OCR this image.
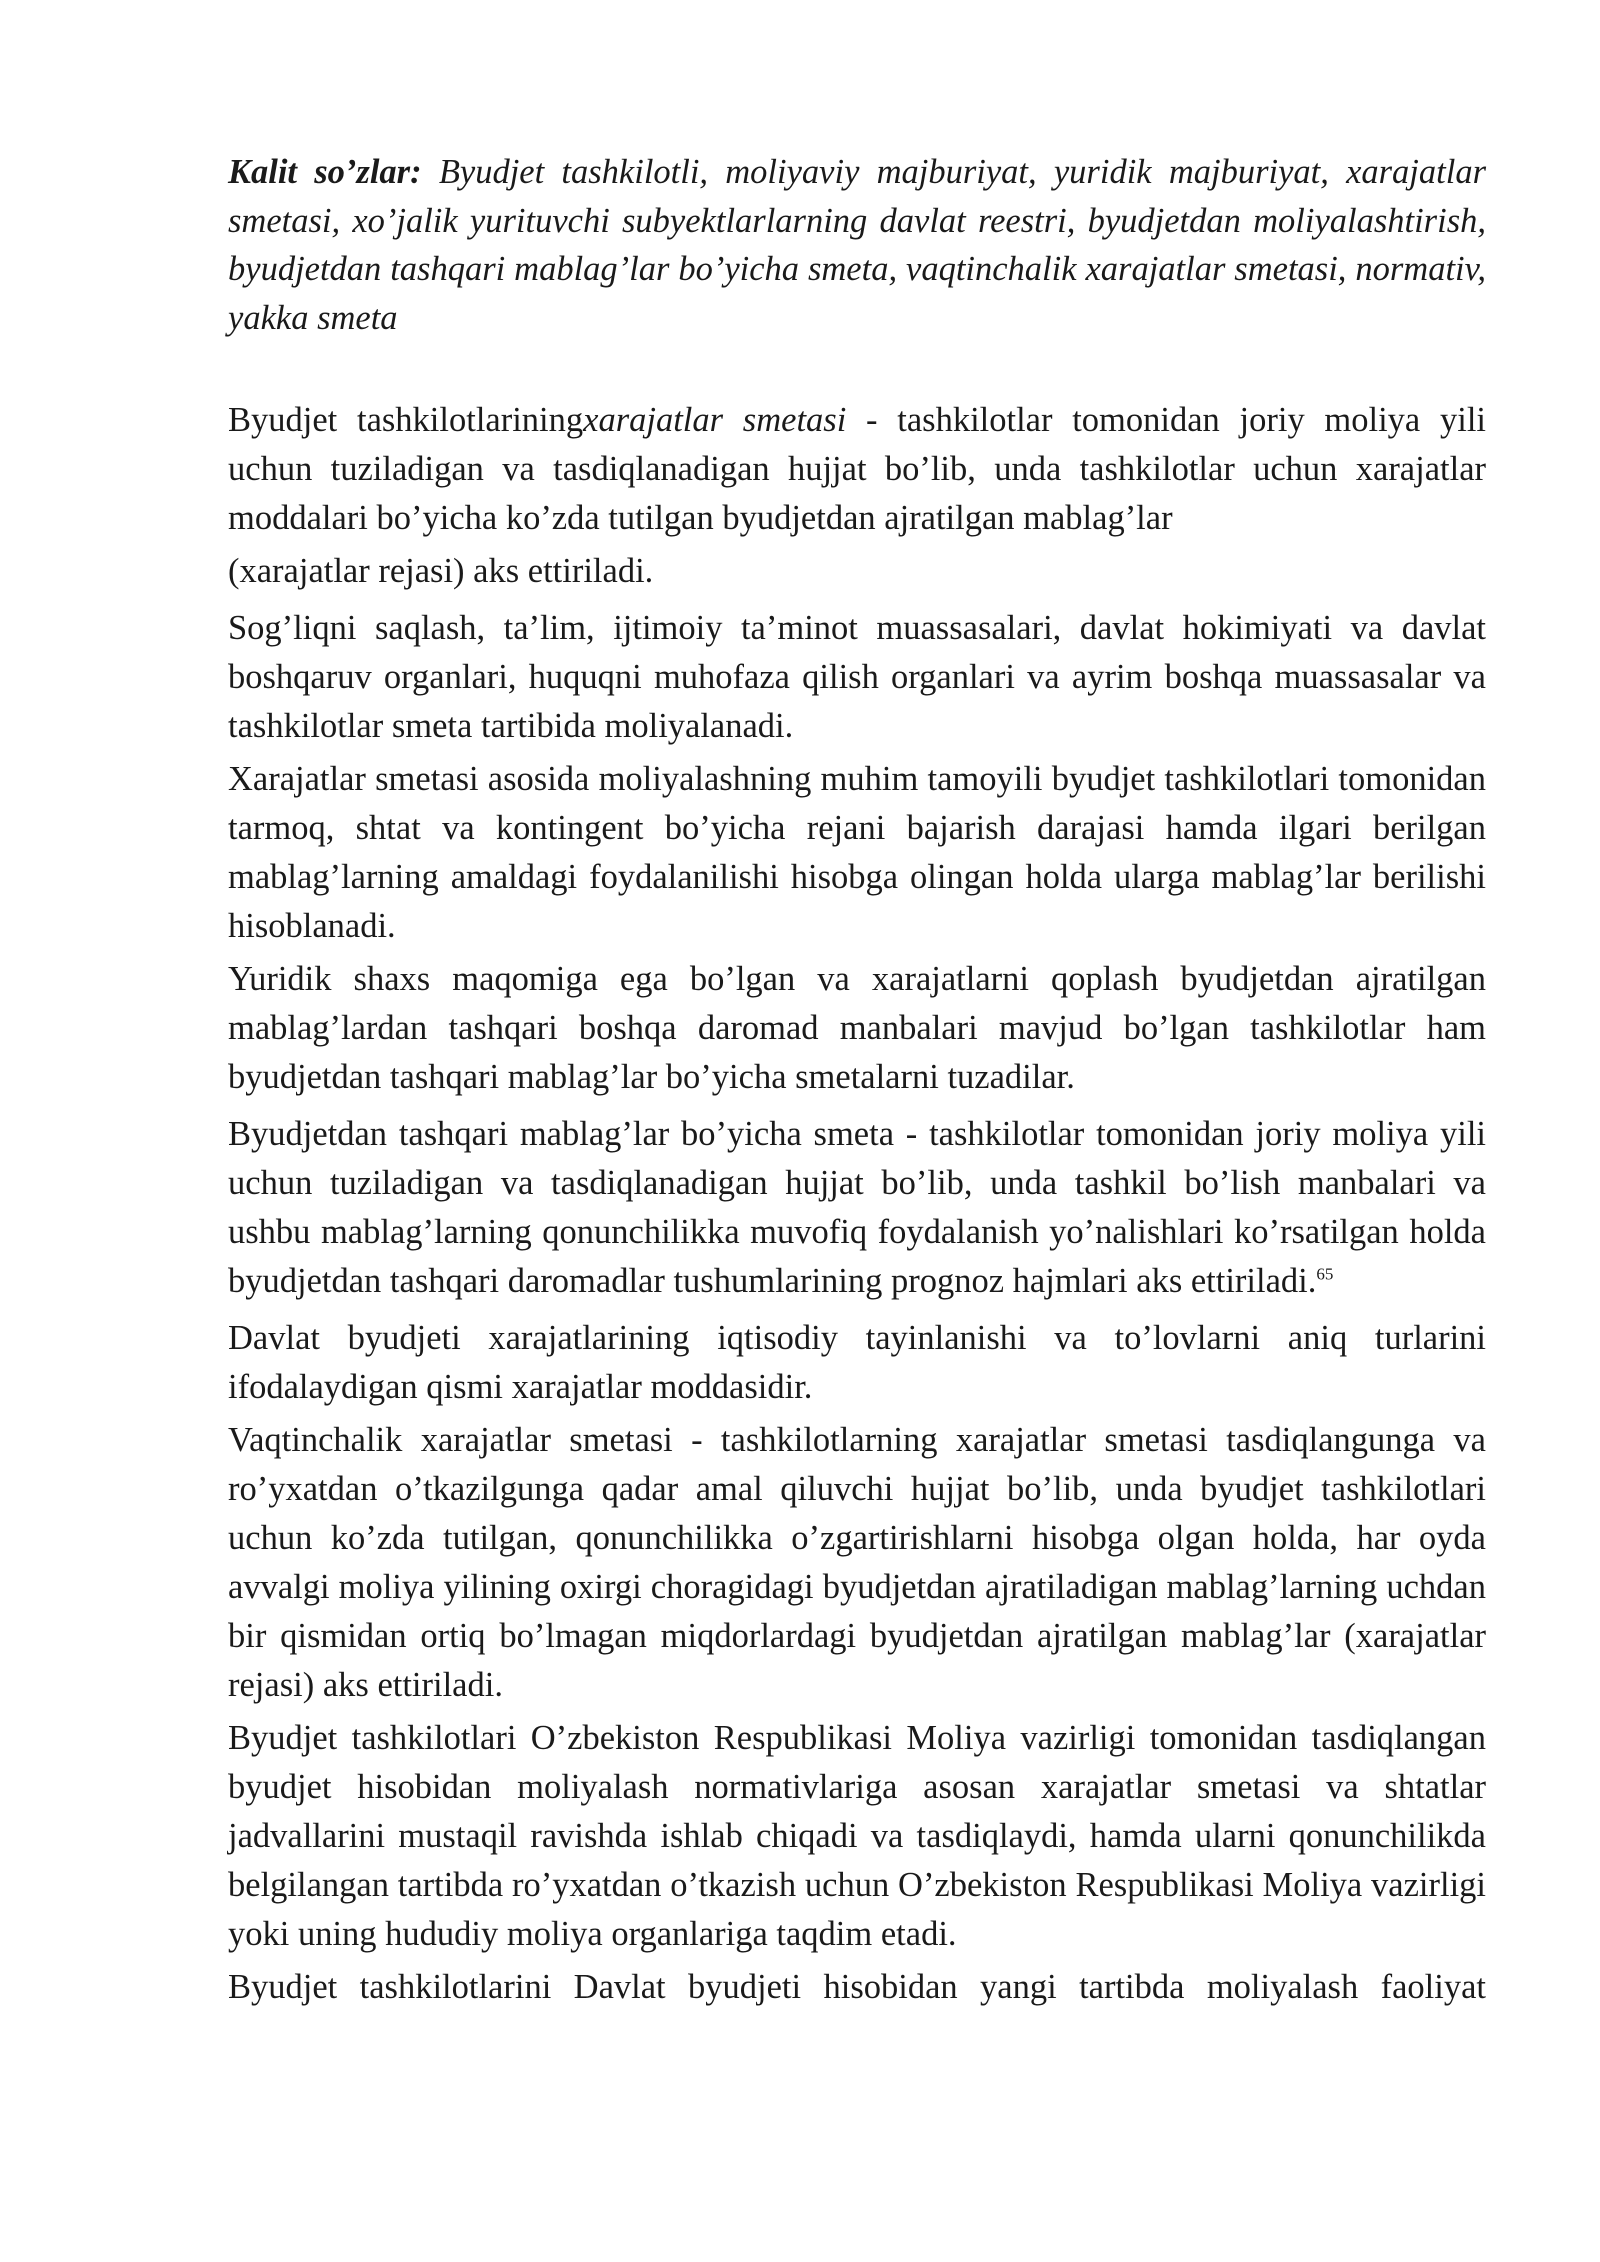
Kalit so’zlar: Byudjet tashkilotli, moliyaviy majburiyat, yuridik majburiyat, xarajatlar smetasi, xo’jalik yurituvchi subyektlarlarning davlat reestri, byudjetdan moliyalashtirish, byudjetdan tashqari mablag’lar bo’yicha smeta, vaqtinchalik xarajatlar smetasi, normativ, yakka smeta

Byudjet tashkilotlariningxarajatlar smetasi - tashkilotlar tomonidan joriy moliya yili uchun tuziladigan va tasdiqlanadigan hujjat bo’lib, unda tashkilotlar uchun xarajatlar moddalari bo’yicha ko’zda tutilgan byudjetdan ajratilgan mablag’lar

(xarajatlar rejasi) aks ettiriladi.

Sog’liqni saqlash, ta’lim, ijtimoiy ta’minot muassasalari, davlat hokimiyati va davlat boshqaruv organlari, huquqni muhofaza qilish organlari va ayrim boshqa muassasalar va tashkilotlar smeta tartibida moliyalanadi.

Xarajatlar smetasi asosida moliyalashning muhim tamoyili byudjet tashkilotlari tomonidan tarmoq, shtat va kontingent bo’yicha rejani bajarish darajasi hamda ilgari berilgan mablag’larning amaldagi foydalanilishi hisobga olingan holda ularga mablag’lar berilishi hisoblanadi.

Yuridik shaxs maqomiga ega bo’lgan va xarajatlarni qoplash byudjetdan ajratilgan mablag’lardan tashqari boshqa daromad manbalari mavjud bo’lgan tashkilotlar ham byudjetdan tashqari mablag’lar bo’yicha smetalarni tuzadilar.

Byudjetdan tashqari mablag’lar bo’yicha smeta - tashkilotlar tomonidan joriy moliya yili uchun tuziladigan va tasdiqlanadigan hujjat bo’lib, unda tashkil bo’lish manbalari va ushbu mablag’larning qonunchilikka muvofiq foydalanish yo’nalishlari ko’rsatilgan holda byudjetdan tashqari daromadlar tushumlarining prognoz hajmlari aks ettiriladi.$^{65}$

Davlat byudjeti xarajatlarining iqtisodiy tayinlanishi va to’lovlarni aniq turlarini ifodalaydigan qismi xarajatlar moddasidir.

Vaqtinchalik xarajatlar smetasi - tashkilotlarning xarajatlar smetasi tasdiqlangunga va ro’yxatdan o’tkazilgunga qadar amal qiluvchi hujjat bo’lib, unda byudjet tashkilotlari uchun ko’zda tutilgan, qonunchilikka o’zgartirishlarni hisobga olgan holda, har oyda avvalgi moliya yilining oxirgi choragidagi byudjetdan ajratiladigan mablag’larning uchdan bir qismidan ortiq bo’lmagan miqdorlardagi byudjetdan ajratilgan mablag’lar (xarajatlar rejasi) aks ettiriladi.

Byudjet tashkilotlari O’zbekiston Respublikasi Moliya vazirligi tomonidan tasdiqlangan byudjet hisobidan moliyalash normativlariga asosan xarajatlar smetasi va shtatlar jadvallarini mustaqil ravishda ishlab chiqadi va tasdiqlaydi, hamda ularni qonunchilikda belgilangan tartibda ro’yxatdan o’tkazish uchun O’zbekiston Respublikasi Moliya vazirligi yoki uning hududiy moliya organlariga taqdim etadi.

Byudjet tashkilotlarini Davlat byudjeti hisobidan yangi tartibda moliyalash faoliyat
